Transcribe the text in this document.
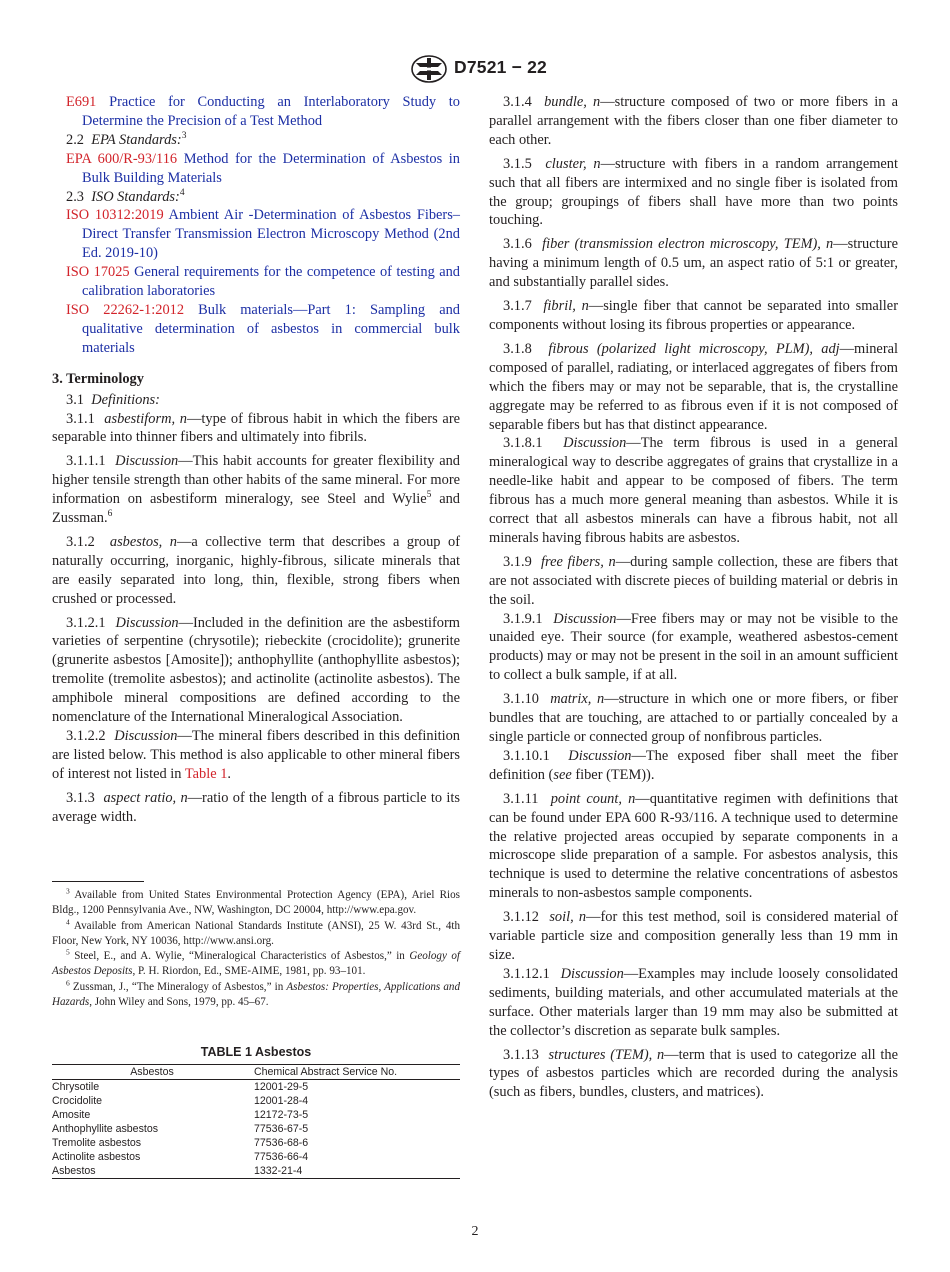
D7521 − 22

E691 Practice for Conducting an Interlaboratory Study to Determine the Precision of a Test Method

2.2 EPA Standards:$^3$

EPA 600/R-93/116 Method for the Determination of Asbestos in Bulk Building Materials

2.3 ISO Standards:$^4$

ISO 10312:2019 Ambient Air -Determination of Asbestos Fibers–Direct Transfer Transmission Electron Microscopy Method (2nd Ed. 2019-10)

ISO 17025 General requirements for the competence of testing and calibration laboratories

ISO 22262-1:2012 Bulk materials—Part 1: Sampling and qualitative determination of asbestos in commercial bulk materials

3. Terminology

3.1 Definitions:

3.1.1 asbestiform, n—type of fibrous habit in which the fibers are separable into thinner fibers and ultimately into fibrils.

3.1.1.1 Discussion—This habit accounts for greater flexibility and higher tensile strength than other habits of the same mineral. For more information on asbestiform mineralogy, see Steel and Wylie$^5$ and Zussman.$^6$

3.1.2 asbestos, n—a collective term that describes a group of naturally occurring, inorganic, highly-fibrous, silicate minerals that are easily separated into long, thin, flexible, strong fibers when crushed or processed.

3.1.2.1 Discussion—Included in the definition are the asbestiform varieties of serpentine (chrysotile); riebeckite (crocidolite); grunerite (grunerite asbestos [Amosite]); anthophyllite (anthophyllite asbestos); tremolite (tremolite asbestos); and actinolite (actinolite asbestos). The amphibole mineral compositions are defined according to the nomenclature of the International Mineralogical Association.

3.1.2.2 Discussion—The mineral fibers described in this definition are listed below. This method is also applicable to other mineral fibers of interest not listed in Table 1.

3.1.3 aspect ratio, n—ratio of the length of a fibrous particle to its average width.

$^3$ Available from United States Environmental Protection Agency (EPA), Ariel Rios Bldg., 1200 Pennsylvania Ave., NW, Washington, DC 20004, http://www.epa.gov.

$^4$ Available from American National Standards Institute (ANSI), 25 W. 43rd St., 4th Floor, New York, NY 10036, http://www.ansi.org.

$^5$ Steel, E., and A. Wylie, “Mineralogical Characteristics of Asbestos,” in Geology of Asbestos Deposits, P. H. Riordon, Ed., SME-AIME, 1981, pp. 93–101.

$^6$ Zussman, J., “The Mineralogy of Asbestos,” in Asbestos: Properties, Applications and Hazards, John Wiley and Sons, 1979, pp. 45–67.

TABLE 1 Asbestos
Asbestos	Chemical Abstract Service No.
Chrysotile	12001-29-5
Crocidolite	12001-28-4
Amosite	12172-73-5
Anthophyllite asbestos	77536-67-5
Tremolite asbestos	77536-68-6
Actinolite asbestos	77536-66-4
Asbestos	1332-21-4

3.1.4 bundle, n—structure composed of two or more fibers in a parallel arrangement with the fibers closer than one fiber diameter to each other.

3.1.5 cluster, n—structure with fibers in a random arrangement such that all fibers are intermixed and no single fiber is isolated from the group; groupings of fibers shall have more than two points touching.

3.1.6 fiber (transmission electron microscopy, TEM), n—structure having a minimum length of 0.5 um, an aspect ratio of 5:1 or greater, and substantially parallel sides.

3.1.7 fibril, n—single fiber that cannot be separated into smaller components without losing its fibrous properties or appearance.

3.1.8 fibrous (polarized light microscopy, PLM), adj—mineral composed of parallel, radiating, or interlaced aggregates of fibers from which the fibers may or may not be separable, that is, the crystalline aggregate may be referred to as fibrous even if it is not composed of separable fibers but has that distinct appearance.

3.1.8.1 Discussion—The term fibrous is used in a general mineralogical way to describe aggregates of grains that crystallize in a needle-like habit and appear to be composed of fibers. The term fibrous has a much more general meaning than asbestos. While it is correct that all asbestos minerals can have a fibrous habit, not all minerals having fibrous habits are asbestos.

3.1.9 free fibers, n—during sample collection, these are fibers that are not associated with discrete pieces of building material or debris in the soil.

3.1.9.1 Discussion—Free fibers may or may not be visible to the unaided eye. Their source (for example, weathered asbestos-cement products) may or may not be present in the soil in an amount sufficient to collect a bulk sample, if at all.

3.1.10 matrix, n—structure in which one or more fibers, or fiber bundles that are touching, are attached to or partially concealed by a single particle or connected group of nonfibrous particles.

3.1.10.1 Discussion—The exposed fiber shall meet the fiber definition (see fiber (TEM)).

3.1.11 point count, n—quantitative regimen with definitions that can be found under EPA 600 R-93/116. A technique used to determine the relative projected areas occupied by separate components in a microscope slide preparation of a sample. For asbestos analysis, this technique is used to determine the relative concentrations of asbestos minerals to non-asbestos sample components.

3.1.12 soil, n—for this test method, soil is considered material of variable particle size and composition generally less than 19 mm in size.

3.1.12.1 Discussion—Examples may include loosely consolidated sediments, building materials, and other accumulated materials at the surface. Other materials larger than 19 mm may also be submitted at the collector’s discretion as separate bulk samples.

3.1.13 structures (TEM), n—term that is used to categorize all the types of asbestos particles which are recorded during the analysis (such as fibers, bundles, clusters, and matrices).

2
